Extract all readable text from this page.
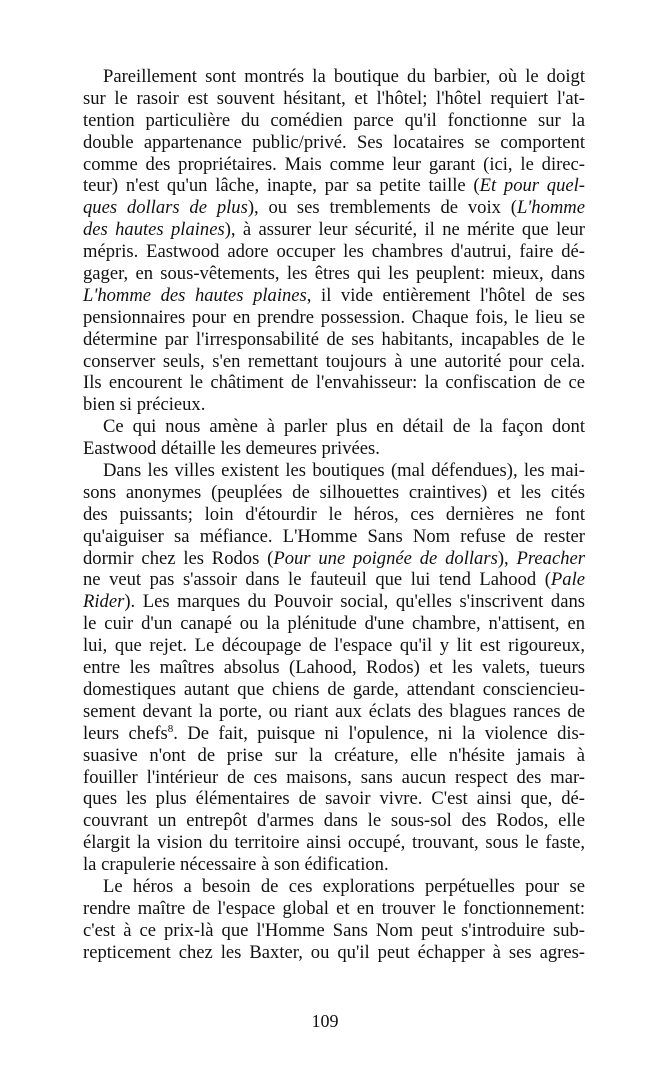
Pareillement sont montrés la boutique du barbier, où le doigt
sur le rasoir est souvent hésitant, et l'hôtel; l'hôtel requiert l'at-
tention particulière du comédien parce qu'il fonctionne sur la
double appartenance public/privé. Ses locataires se comportent
comme des propriétaires. Mais comme leur garant (ici, le direc-
teur) n'est qu'un lâche, inapte, par sa petite taille (Et pour quel-
ques dollars de plus), ou ses tremblements de voix (L'homme
des hautes plaines), à assurer leur sécurité, il ne mérite que leur
mépris. Eastwood adore occuper les chambres d'autrui, faire dé-
gager, en sous-vêtements, les êtres qui les peuplent: mieux, dans
L'homme des hautes plaines, il vide entièrement l'hôtel de ses
pensionnaires pour en prendre possession. Chaque fois, le lieu se
détermine par l'irresponsabilité de ses habitants, incapables de le
conserver seuls, s'en remettant toujours à une autorité pour cela.
Ils encourent le châtiment de l'envahisseur: la confiscation de ce
bien si précieux.
Ce qui nous amène à parler plus en détail de la façon dont
Eastwood détaille les demeures privées.
Dans les villes existent les boutiques (mal défendues), les mai-
sons anonymes (peuplées de silhouettes craintives) et les cités
des puissants; loin d'étourdir le héros, ces dernières ne font
qu'aiguiser sa méfiance. L'Homme Sans Nom refuse de rester
dormir chez les Rodos (Pour une poignée de dollars), Preacher
ne veut pas s'assoir dans le fauteuil que lui tend Lahood (Pale
Rider). Les marques du Pouvoir social, qu'elles s'inscrivent dans
le cuir d'un canapé ou la plénitude d'une chambre, n'attisent, en
lui, que rejet. Le découpage de l'espace qu'il y lit est rigoureux,
entre les maîtres absolus (Lahood, Rodos) et les valets, tueurs
domestiques autant que chiens de garde, attendant consciencieu-
sement devant la porte, ou riant aux éclats des blagues rances de
leurs chefs$^8$. De fait, puisque ni l'opulence, ni la violence dis-
suasive n'ont de prise sur la créature, elle n'hésite jamais à
fouiller l'intérieur de ces maisons, sans aucun respect des mar-
ques les plus élémentaires de savoir vivre. C'est ainsi que, dé-
couvrant un entrepôt d'armes dans le sous-sol des Rodos, elle
élargit la vision du territoire ainsi occupé, trouvant, sous le faste,
la crapulerie nécessaire à son édification.
Le héros a besoin de ces explorations perpétuelles pour se
rendre maître de l'espace global et en trouver le fonctionnement:
c'est à ce prix-là que l'Homme Sans Nom peut s'introduire sub-
repticement chez les Baxter, ou qu'il peut échapper à ses agres-
109
